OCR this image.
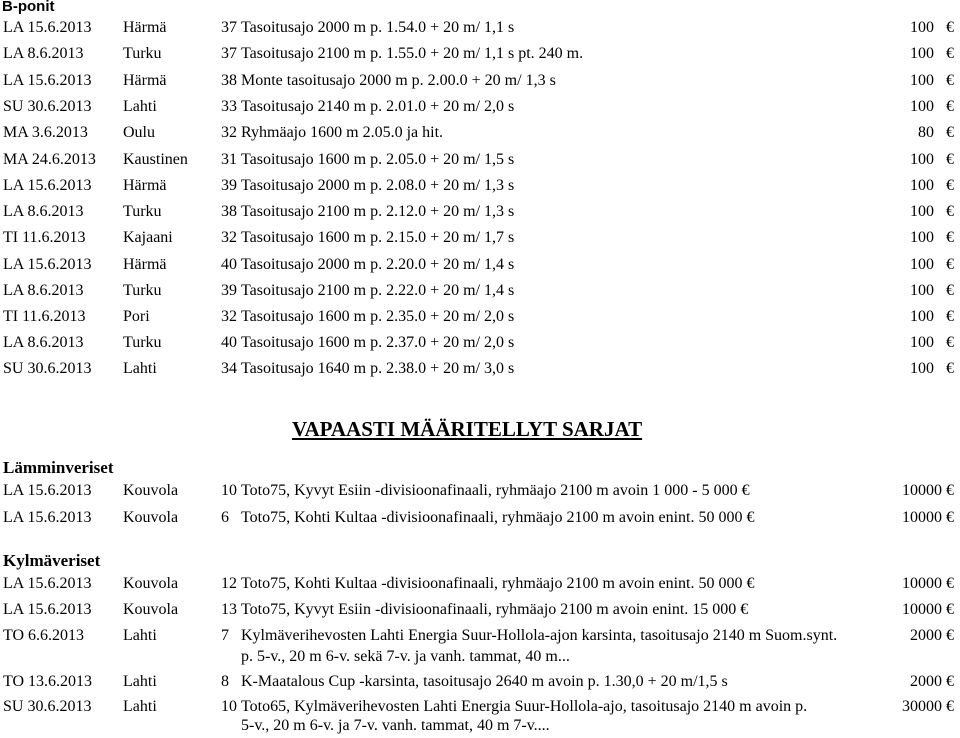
B-ponit
LA 15.6.2013 Härmä	37 Tasoitusajo 2000 m p. 1.54.0 + 20 m/ 1,1 s	100 €
LA 8.6.2013 Turku	37 Tasoitusajo 2100 m p. 1.55.0 + 20 m/ 1,1 s pt. 240 m.	100 €
LA 15.6.2013 Härmä	38 Monte tasoitusajo 2000 m p. 2.00.0 + 20 m/ 1,3 s	100 €
SU 30.6.2013 Lahti	33 Tasoitusajo 2140 m p. 2.01.0 + 20 m/ 2,0 s	100 €
MA 3.6.2013 Oulu	32 Ryhmäajo 1600 m 2.05.0 ja hit.	80 €
MA 24.6.2013 Kaustinen 31 Tasoitusajo 1600 m p. 2.05.0 + 20 m/ 1,5 s	100 €
LA 15.6.2013 Härmä	39 Tasoitusajo 2000 m p. 2.08.0 + 20 m/ 1,3 s	100 €
LA 8.6.2013 Turku	38 Tasoitusajo 2100 m p. 2.12.0 + 20 m/ 1,3 s	100 €
TI 11.6.2013 Kajaani	32 Tasoitusajo 1600 m p. 2.15.0 + 20 m/ 1,7 s	100 €
LA 15.6.2013 Härmä	40 Tasoitusajo 2000 m p. 2.20.0 + 20 m/ 1,4 s	100 €
LA 8.6.2013 Turku	39 Tasoitusajo 2100 m p. 2.22.0 + 20 m/ 1,4 s	100 €
TI 11.6.2013 Pori	32 Tasoitusajo 1600 m p. 2.35.0 + 20 m/ 2,0 s	100 €
LA 8.6.2013 Turku	40 Tasoitusajo 1600 m p. 2.37.0 + 20 m/ 2,0 s	100 €
SU 30.6.2013 Lahti	34 Tasoitusajo 1640 m p. 2.38.0 + 20 m/ 3,0 s	100 €
VAPAASTI MÄÄRITELLYT SARJAT
Lämminveriset
LA 15.6.2013 Kouvola	10 Toto75, Kyvyt Esiin -divisioonafinaali, ryhmäajo 2100 m avoin 1 000 - 5 000 €	10000 €
LA 15.6.2013 Kouvola	6 Toto75, Kohti Kultaa -divisioonafinaali, ryhmäajo 2100 m avoin enint. 50 000 €	10000 €
Kylmäveriset
LA 15.6.2013 Kouvola	12 Toto75, Kohti Kultaa -divisioonafinaali, ryhmäajo 2100 m avoin enint. 50 000 €	10000 €
LA 15.6.2013 Kouvola	13 Toto75, Kyvyt Esiin -divisioonafinaali, ryhmäajo 2100 m avoin enint. 15 000 €	10000 €
TO 6.6.2013 Lahti	7 Kylmäverihevosten Lahti Energia Suur-Hollola-ajon karsinta, tasoitusajo 2140 m Suom.synt.	2000 €
p. 5-v., 20 m 6-v. sekä 7-v. ja vanh. tammat, 40 m...
TO 13.6.2013 Lahti	8 K-Maatalous Cup -karsinta, tasoitusajo 2640 m avoin p. 1.30,0 + 20 m/1,5 s	2000 €
SU 30.6.2013 Lahti	10 Toto65, Kylmäverihevosten Lahti Energia Suur-Hollola-ajo, tasoitusajo 2140 m avoin p.	30000 €
5-v., 20 m 6-v. ja 7-v. vanh. tammat, 40 m 7-v....
